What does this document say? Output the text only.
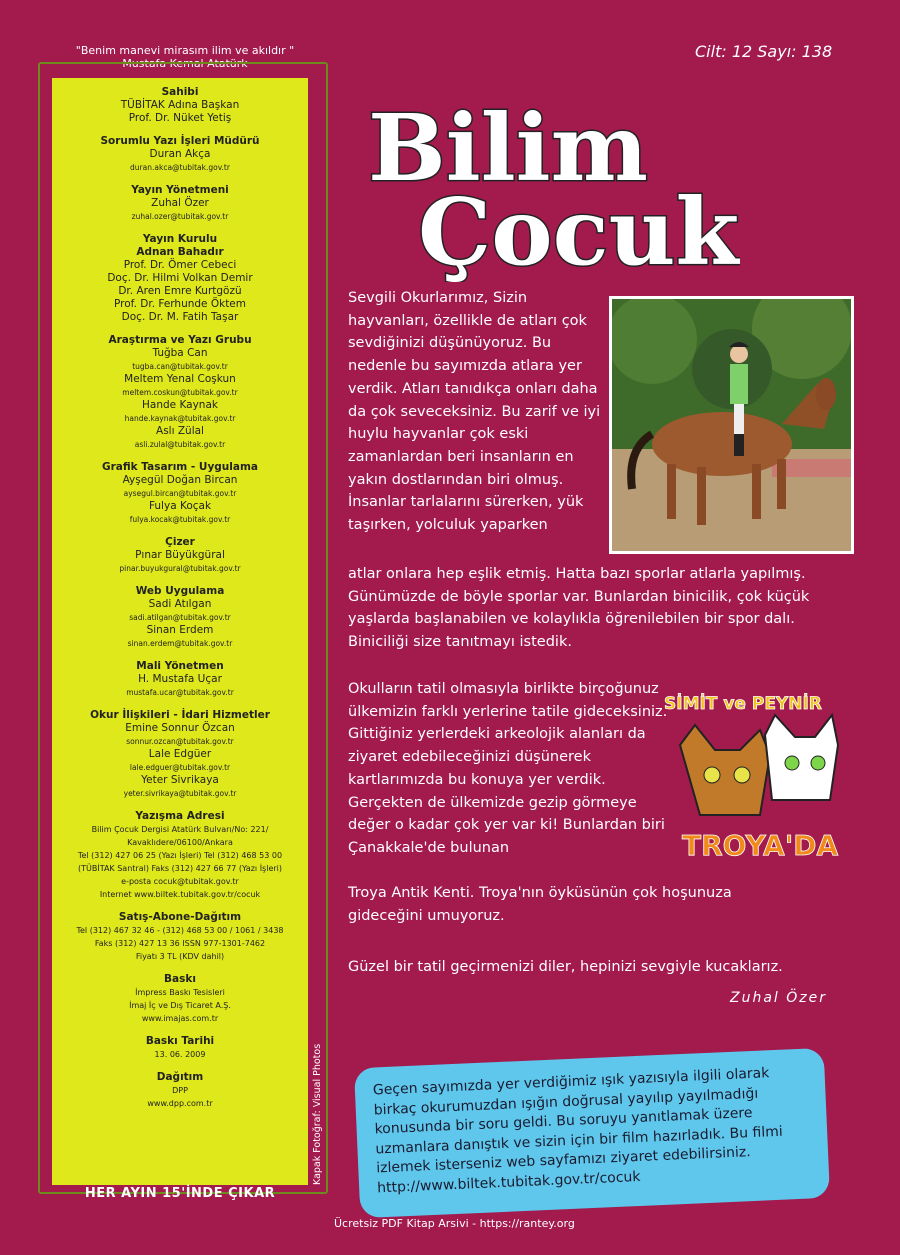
"Benim manevi mirasım ilim ve akıldır "
Mustafa Kemal Atatürk
Sahibi
TÜBİTAK Adına Başkan
Prof. Dr. Nüket Yetiş
Sorumlu Yazı İşleri Müdürü
Duran Akça
duran.akca@tubitak.gov.tr
Yayın Yönetmeni
Zuhal Özer
zuhal.ozer@tubitak.gov.tr
Yayın Kurulu
Adnan Bahadır
Prof. Dr. Ömer Cebeci
Doç. Dr. Hilmi Volkan Demir
Dr. Aren Emre Kurtgözü
Prof. Dr. Ferhunde Öktem
Doç. Dr. M. Fatih Taşar
Araştırma ve Yazı Grubu
Tuğba Can
tugba.can@tubitak.gov.tr
Meltem Yenal Coşkun
meltem.coskun@tubitak.gov.tr
Hande Kaynak
hande.kaynak@tubitak.gov.tr
Aslı Zülal
asli.zulal@tubitak.gov.tr
Grafik Tasarım - Uygulama
Ayşegül Doğan Bircan
aysegul.bircan@tubitak.gov.tr
Fulya Koçak
fulya.kocak@tubitak.gov.tr
Çizer
Pınar Büyükgüral
pinar.buyukgural@tubitak.gov.tr
Web Uygulama
Sadi Atılgan
sadi.atilgan@tubitak.gov.tr
Sinan Erdem
sinan.erdem@tubitak.gov.tr
Mali Yönetmen
H. Mustafa Uçar
mustafa.ucar@tubitak.gov.tr
Okur İlişkileri - İdari Hizmetler
Emine Sonnur Özcan
sonnur.ozcan@tubitak.gov.tr
Lale Edgüer
lale.edguer@tubitak.gov.tr
Yeter Sivrikaya
yeter.sivrikaya@tubitak.gov.tr
Yazışma Adresi
Bilim Çocuk Dergisi Atatürk Bulvarı/No: 221/
Kavaklıdere/06100/Ankara
Tel (312) 427 06 25 (Yazı İşleri) Tel (312) 468 53 00
(TÜBİTAK Santral) Faks (312) 427 66 77 (Yazı İşleri)
e-posta cocuk@tubitak.gov.tr
Internet www.biltek.tubitak.gov.tr/cocuk
Satış-Abone-Dağıtım
Tel (312) 467 32 46 - (312) 468 53 00 / 1061 / 3438
Faks (312) 427 13 36 ISSN 977-1301-7462
Fiyatı 3 TL (KDV dahil)
Baskı
İmpress Baskı Tesisleri
İmaj İç ve Dış Ticaret A.Ş.
www.imajas.com.tr
Baskı Tarihi
13. 06. 2009
Dağıtım
DPP
www.dpp.com.tr
HER AYIN 15'İNDE ÇIKAR
Kapak Fotoğraf: Visual Photos
Cilt: 12 Sayı: 138
Bilim
Çocuk
Sevgili Okurlarımız, Sizin hayvanları, özellikle de atları çok sevdiğinizi düşünüyoruz. Bu nedenle bu sayımızda atlara yer verdik. Atları tanıdıkça onları daha da çok seveceksiniz. Bu zarif ve iyi huylu hayvanlar çok eski zamanlardan beri insanların en yakın dostlarından biri olmuş. İnsanlar tarlalarını sürerken, yük taşırken, yolculuk yaparken
atlar onlara hep eşlik etmiş. Hatta bazı sporlar atlarla yapılmış. Günümüzde de böyle sporlar var. Bunlardan binicilik, çok küçük yaşlarda başlanabilen ve kolaylıkla öğrenilebilen bir spor dalı. Biniciliği size tanıtmayı istedik.
Okulların tatil olmasıyla birlikte birçoğunuz ülkemizin farklı yerlerine tatile gideceksiniz. Gittiğiniz yerlerdeki arkeolojik alanları da ziyaret edebileceğinizi düşünerek kartlarımızda bu konuya yer verdik. Gerçekten de ülkemizde gezip görmeye değer o kadar çok yer var ki! Bunlardan biri Çanakkale'de bulunan
Troya Antik Kenti. Troya'nın öyküsünün çok hoşunuza gideceğini umuyoruz.
SİMİT ve PEYNİR
TROYA'DA
Güzel bir tatil geçirmenizi diler, hepinizi sevgiyle kucaklarız.
Zuhal Özer
Geçen sayımızda yer verdiğimiz ışık yazısıyla ilgili olarak birkaç okurumuzdan ışığın doğrusal yayılıp yayılmadığı konusunda bir soru geldi. Bu soruyu yanıtlamak üzere uzmanlara danıştık ve sizin için bir film hazırladık. Bu filmi izlemek isterseniz web sayfamızı ziyaret edebilirsiniz.
http://www.biltek.tubitak.gov.tr/cocuk
Ücretsiz PDF Kitap Arsivi - https://rantey.org
